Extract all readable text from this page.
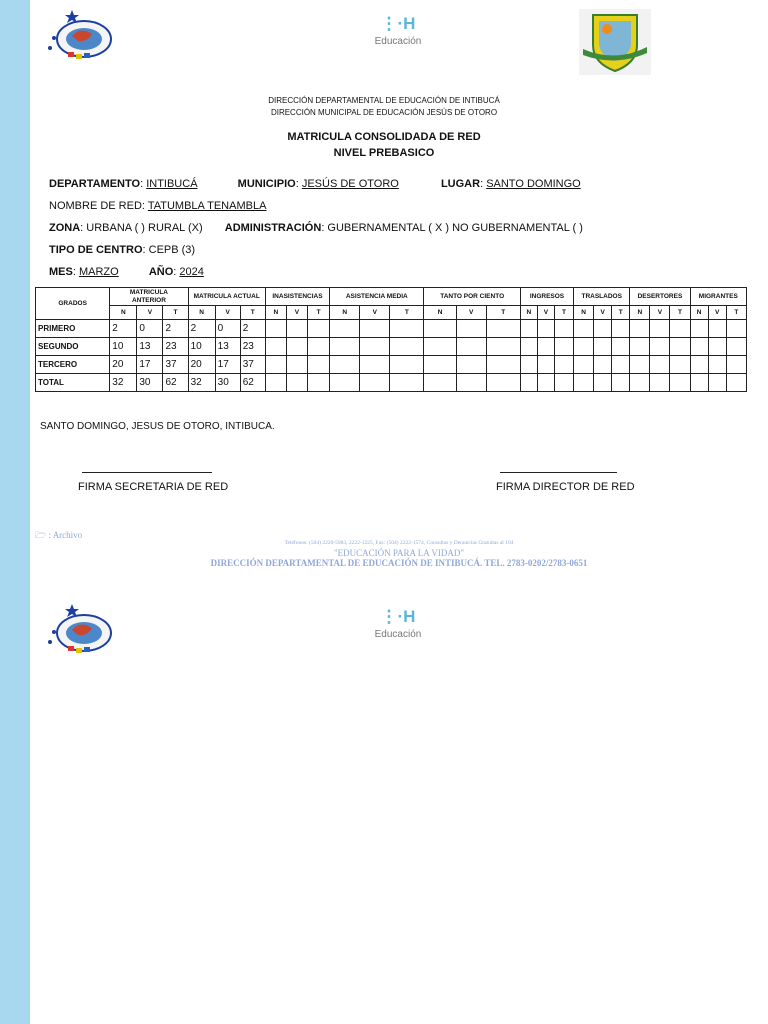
⋮·H
Educación
DIRECCIÓN DEPARTAMENTAL DE EDUCACIÓN DE INTIBUCÁ
DIRECCIÓN MUNICIPAL DE EDUCACIÓN JESÚS DE OTORO
MATRICULA CONSOLIDADA DE RED
NIVEL PREBASICO
DEPARTAMENTO: INTIBUCÁ	MUNICIPIO: JESÚS DE OTORO	LUGAR: SANTO DOMINGO
NOMBRE DE RED: TATUMBLA TENAMBLA
ZONA: URBANA ( ) RURAL (X) ADMINISTRACIÓN: GUBERNAMENTAL ( X ) NO GUBERNAMENTAL ( )
TIPO DE CENTRO: CEPB (3)
MES: MARZO	AÑO: 2024
GRADOS	MATRICULA ANTERIOR			MATRICULA ACTUAL			INASISTENCIAS			ASISTENCIA MEDIA			TANTO POR CIENTO			INGRESOS			TRASLADOS			DESERTORES			MIGRANTES		
	N	V	T	N	V	T	N	V	T	N	V	T	N	V	T	N	V	T	N	V	T	N	V	T	N	V	T
PRIMERO	2	0	2	2	0	2																					
SEGUNDO	10	13	23	10	13	23																					
TERCERO	20	17	37	20	17	37																					
TOTAL	32	30	62	32	30	62																					
SANTO DOMINGO, JESUS DE OTORO, INTIBUCA.
FIRMA SECRETARIA DE RED	FIRMA DIRECTOR DE RED
🗁 : Archivo
Teléfonos: (504) 2220-5983, 2222-1225, Fax: (504) 2222-1574, Consultas y Denuncias Gratuitas al 104
"EDUCACIÓN PARA LA VIDAD"
DIRECCIÓN DEPARTAMENTAL DE EDUCACIÓN DE INTIBUCÁ. TEL. 2783-0202/2783-0651
⋮·H
Educación
